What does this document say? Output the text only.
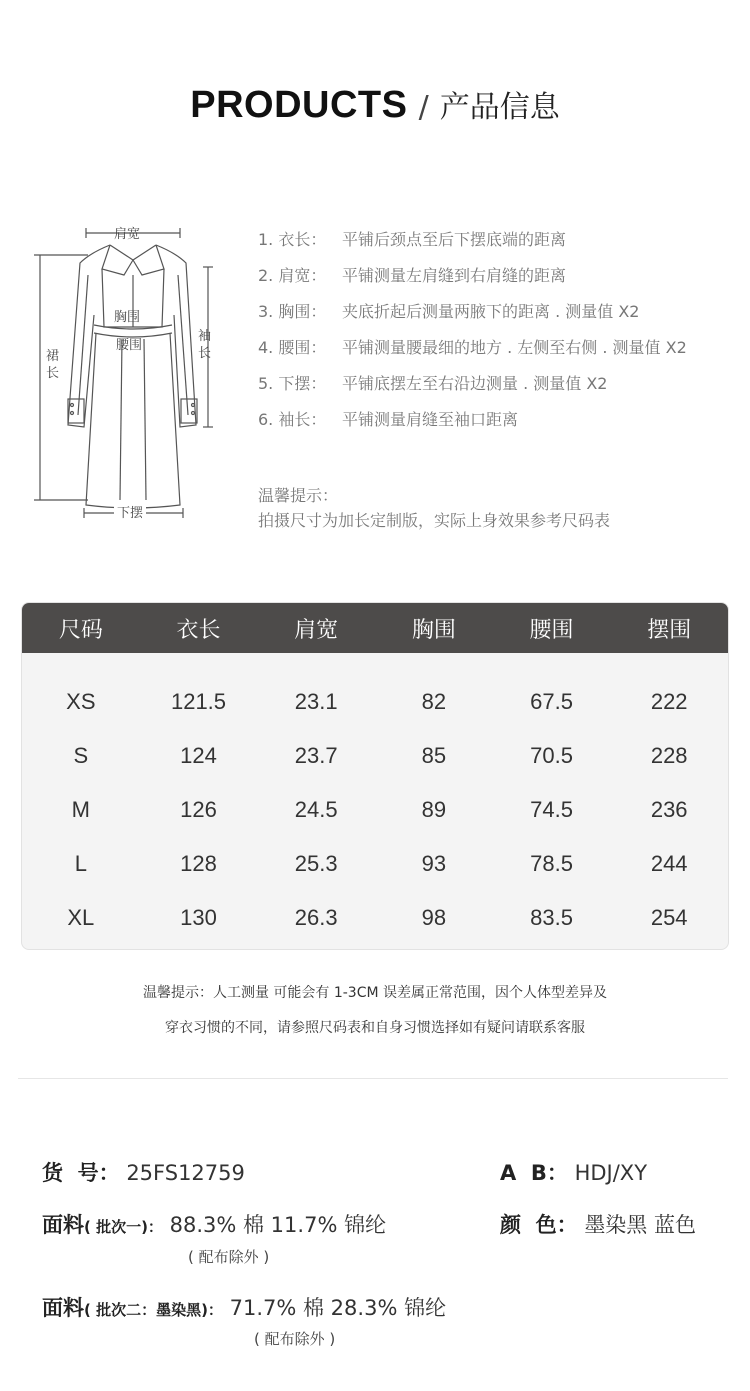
PRODUCTS / 产品信息
肩宽
胸围
腰围
裙
长
袖
长
下摆
1. 衣长： 平铺后颈点至后下摆底端的距离
2. 肩宽： 平铺测量左肩缝到右肩缝的距离
3. 胸围： 夹底折起后测量两腋下的距离 . 测量值 X2
4. 腰围： 平铺测量腰最细的地方 . 左侧至右侧 . 测量值 X2
5. 下摆： 平铺底摆左至右沿边测量 . 测量值 X2
6. 袖长： 平铺测量肩缝至袖口距离
温馨提示：
拍摄尺寸为加长定制版，实际上身效果参考尺码表
尺码	衣长	肩宽	胸围	腰围	摆围
XS	121.5	23.1	82	67.5	222
S	124	23.7	85	70.5	228
M	126	24.5	89	74.5	236
L	128	25.3	93	78.5	244
XL	130	26.3	98	83.5	254
温馨提示：人工测量 可能会有 1-3CM 误差属正常范围，因个人体型差异及
穿衣习惯的不同，请参照尺码表和自身习惯选择如有疑问请联系客服
货  号： 25FS12759	A  B： HDJ/XY
面料( 批次一)： 88.3% 棉 11.7% 锦纶
( 配布除外 )
颜  色： 墨染黑 蓝色
面料( 批次二：墨染黑)： 71.7% 棉 28.3% 锦纶
( 配布除外 )
